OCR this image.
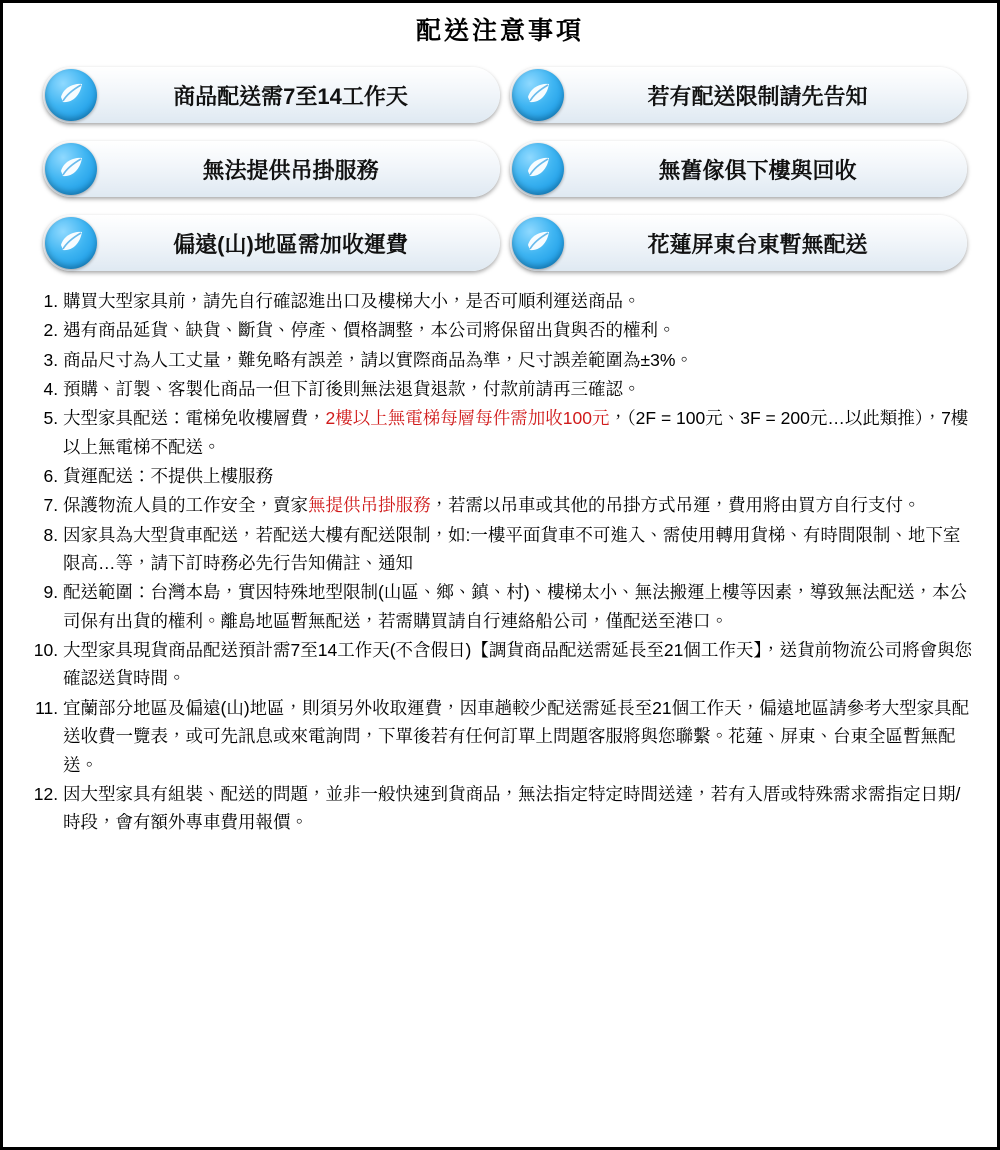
配送注意事項
商品配送需7至14工作天	若有配送限制請先告知
無法提供吊掛服務	無舊傢俱下樓與回收
偏遠(山)地區需加收運費	花蓮屏東台東暫無配送
1. 購買大型家具前，請先自行確認進出口及樓梯大小，是否可順利運送商品。
2. 遇有商品延貨、缺貨、斷貨、停產、價格調整，本公司將保留出貨與否的權利。
3. 商品尺寸為人工丈量，難免略有誤差，請以實際商品為準，尺寸誤差範圍為±3%。
4. 預購、訂製、客製化商品一但下訂後則無法退貨退款，付款前請再三確認。
5. 大型家具配送：電梯免收樓層費，2樓以上無電梯每層每件需加收100元，（2F = 100元、3F = 200元…以此類推），7樓以上無電梯不配送。
6. 貨運配送：不提供上樓服務
7. 保護物流人員的工作安全，賣家無提供吊掛服務，若需以吊車或其他的吊掛方式吊運，費用將由買方自行支付。
8. 因家具為大型貨車配送，若配送大樓有配送限制，如:一樓平面貨車不可進入、需使用轉用貨梯、有時間限制、地下室限高…等，請下訂時務必先行告知備註、通知
9. 配送範圍：台灣本島，實因特殊地型限制(山區、鄉、鎮、村)、樓梯太小、無法搬運上樓等因素，導致無法配送，本公司保有出貨的權利。離島地區暫無配送，若需購買請自行連絡船公司，僅配送至港口。
10. 大型家具現貨商品配送預計需7至14工作天(不含假日)【調貨商品配送需延長至21個工作天】，送貨前物流公司將會與您確認送貨時間。
11. 宜蘭部分地區及偏遠(山)地區，則須另外收取運費，因車趟較少配送需延長至21個工作天，偏遠地區請參考大型家具配送收費一覽表，或可先訊息或來電詢問，下單後若有任何訂單上問題客服將與您聯繫。花蓮、屏東、台東全區暫無配送。
12. 因大型家具有組裝、配送的問題，並非一般快速到貨商品，無法指定特定時間送達，若有入厝或特殊需求需指定日期/時段，會有額外專車費用報價。
